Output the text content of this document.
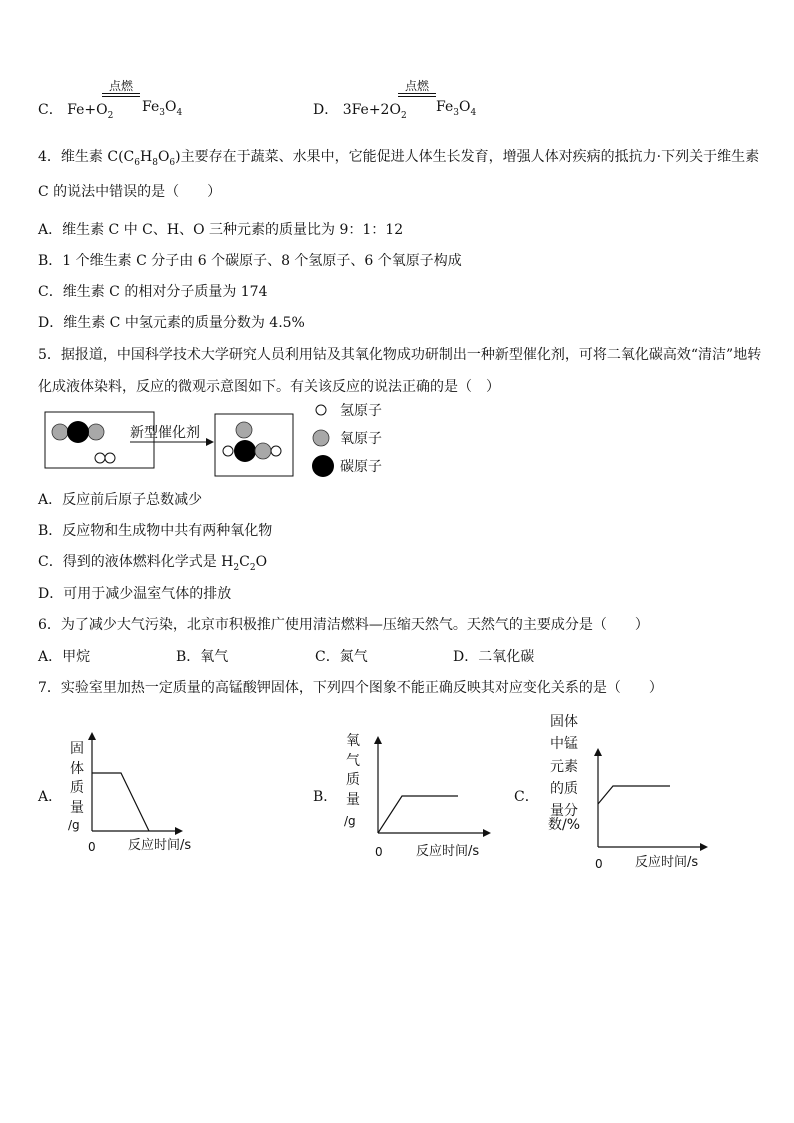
C． $Fe+O_2$
点燃
$Fe_3O_4$	D． $3Fe+2O_2$
点燃
$Fe_3O_4$
4．维生素 $C(C_6H_8O_6)$主要存在于蔬菜、水果中，它能促进人体生长发育，增强人体对疾病的抵抗力·下列关于维生素
C 的说法中错误的是（　　）
A．维生素 C 中 C、H、O 三种元素的质量比为 9：1：12
B．1 个维生素 C 分子由 6 个碳原子、8 个氢原子、6 个氧原子构成
C．维生素 C 的相对分子质量为 174
D．维生素 C 中氢元素的质量分数为 4.5%
5．据报道，中国科学技术大学研究人员利用钴及其氧化物成功研制出一种新型催化剂，可将二氧化碳高效“清洁”地转
化成液体染料，反应的微观示意图如下。有关该反应的说法正确的是（　）
新型催化剂
氢原子
氧原子
碳原子
A．反应前后原子总数减少
B．反应物和生成物中共有两种氧化物
C．得到的液体燃料化学式是 $H_2C_2O$
D．可用于减少温室气体的排放
6．为了减少大气污染，北京市积极推广使用清洁燃料—压缩天然气。天然气的主要成分是（　　）
A．甲烷	B．氧气	C．氮气	D．二氧化碳
7．实验室里加热一定质量的高锰酸钾固体，下列四个图象不能正确反映其对应变化关系的是（　　）
A．
固
体
质
量
/g
0 反应时间/s
B．
氧
气
质
量
/g
0	反应时间/s
C．
固体
中锰
元素
的质
量分
数/%
0 反应时间/s
